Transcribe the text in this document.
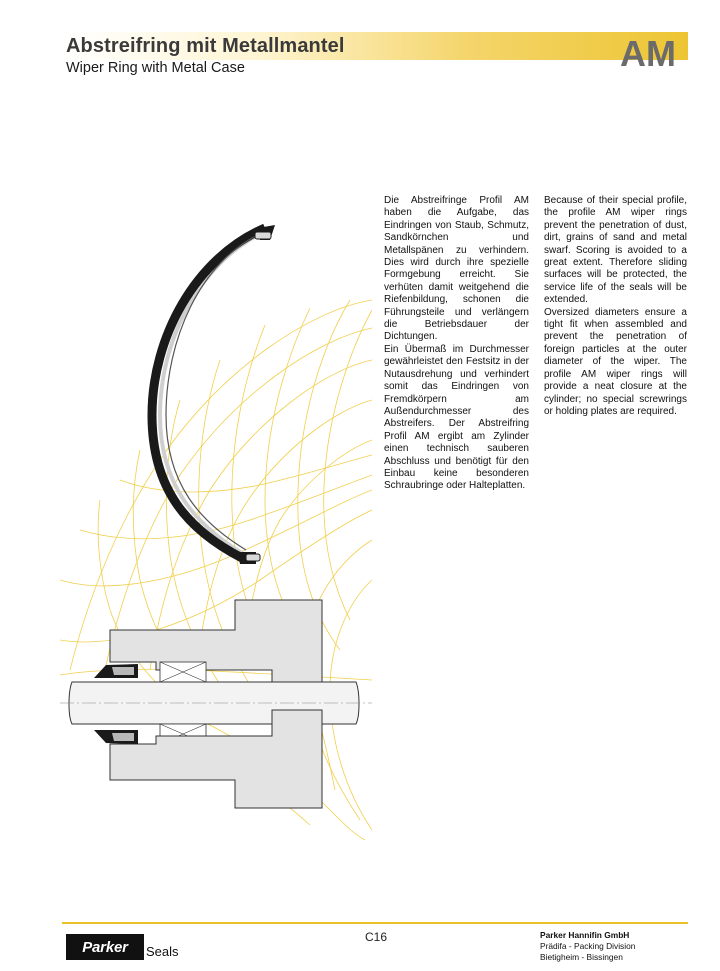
Abstreifring mit Metallmantel
Wiper Ring with Metal Case	AM

Die Abstreifringe Profil AM haben die Aufgabe, das Eindringen von Staub, Schmutz, Sandkörnchen und Metallspänen zu verhindern. Dies wird durch ihre spezielle Formgebung erreicht. Sie verhüten damit weitgehend die Riefenbildung, schonen die Führungsteile und verlängern die Betriebsdauer der Dichtungen.

Ein Übermaß im Durchmesser gewährleistet den Festsitz in der Nutausdrehung und verhindert somit das Eindringen von Fremdkörpern am Außendurchmesser des Abstreifers. Der Abstreifring Profil AM ergibt am Zylinder einen technisch sauberen Abschluss und benötigt für den Einbau keine besonderen Schraubringe oder Halteplatten.

Because of their special profile, the profile AM wiper rings prevent the penetration of dust, dirt, grains of sand and metal swarf. Scoring is avoided to a great extent. Therefore sliding surfaces will be protected, the service life of the seals will be extended.

Oversized diameters ensure a tight fit when assembled and prevent the penetration of foreign particles at the outer diameter of the wiper. The profile AM wiper rings will provide a neat closure at the cylinder; no special screwrings or holding plates are required.

Parker	Seals
C16	Parker Hannifin GmbH
Prädifa - Packing Division
Bietigheim - Bissingen
